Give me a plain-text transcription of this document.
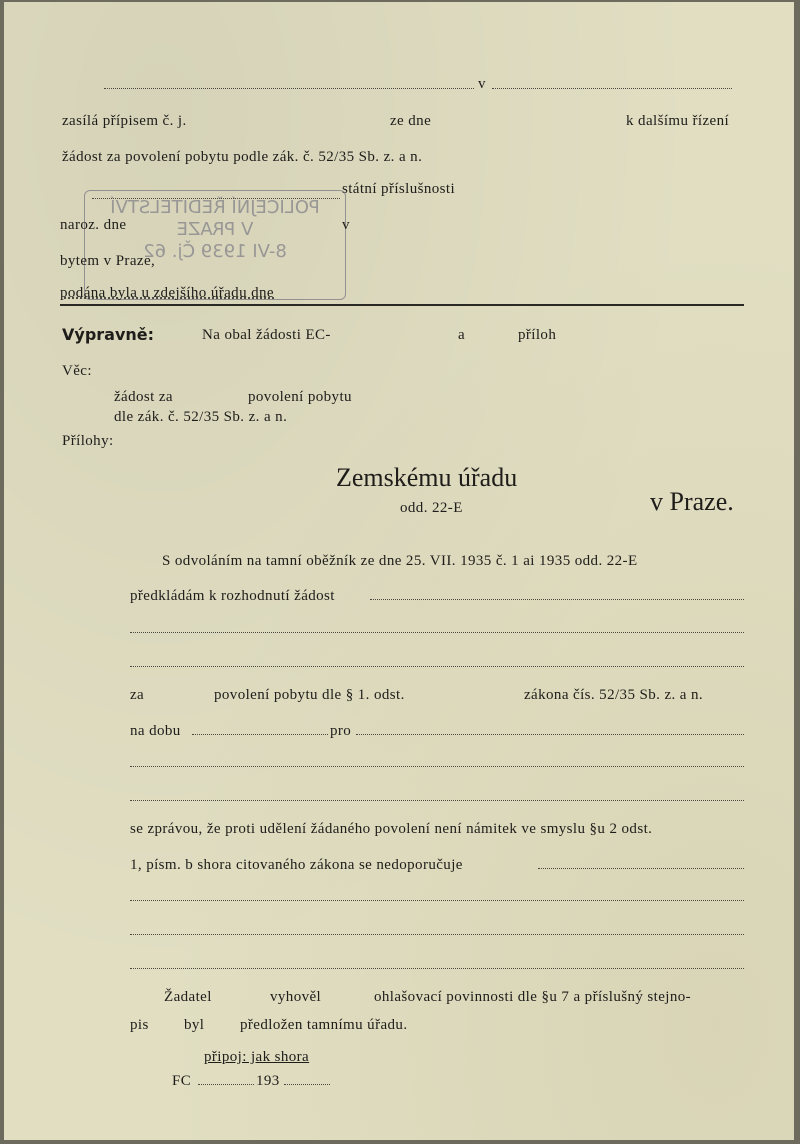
v
zasílá přípisem č. j.	ze dne	k dalšímu řízení
žádost za povolení pobytu podle zák. č. 52/35 Sb. z. a n.
státní příslušnosti
POLICEJNÍ ŘEDITELSTVÍ
V PRAZE
8-VI 1939 Čj. 62
naroz. dne	v
bytem v Praze,
podána byla u zdejšího úřadu dne
Výpravně:	Na obal žádosti EC-	a	příloh
Věc:
žádost za	povolení pobytu
dle zák. č. 52/35 Sb. z. a n.
Přílohy:
Zemskému úřadu
odd. 22-E	v Praze.
S odvoláním na tamní oběžník ze dne 25. VII. 1935 č. 1 ai 1935 odd. 22-E
předkládám k rozhodnutí žádost
za	povolení pobytu dle § 1. odst.	zákona čís. 52/35 Sb. z. a n.
na dobu	pro
se zprávou, že proti udělení žádaného povolení není námitek ve smyslu §u 2 odst.
1, písm. b shora citovaného zákona se nedoporučuje
Žadatel	vyhověl	ohlašovací povinnosti dle §u 7 a příslušný stejno-
pis byl předložen tamnímu úřadu.
připoj: jak shora
FC	193
